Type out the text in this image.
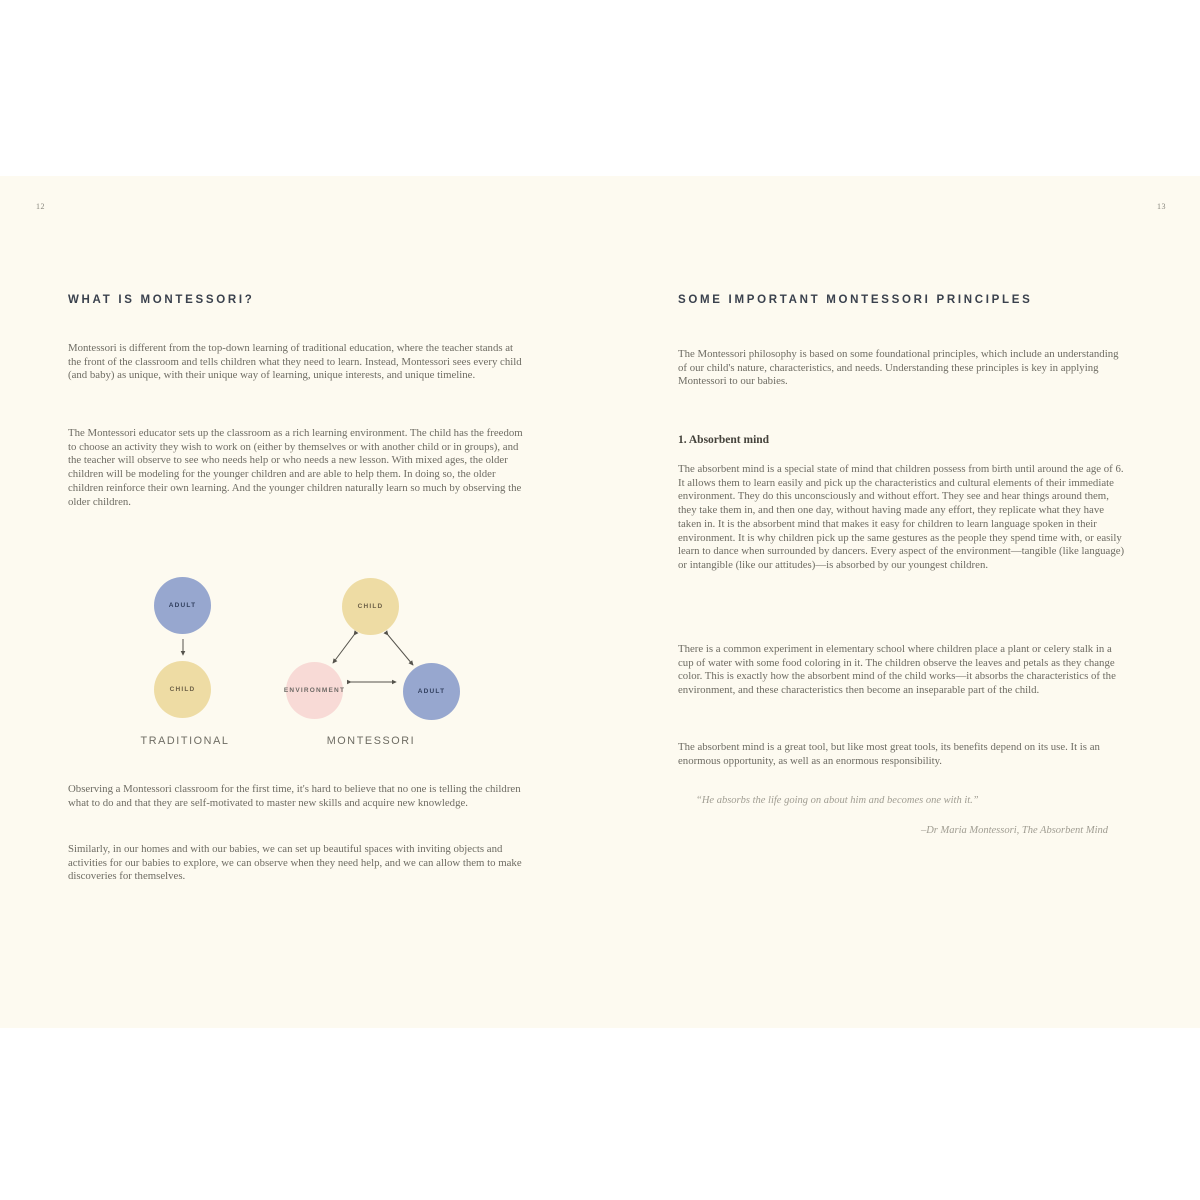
12	13
WHAT IS MONTESSORI?

Montessori is different from the top-down learning of traditional education, where the teacher stands at the front of the classroom and tells children what they need to learn. Instead, Montessori sees every child (and baby) as unique, with their unique way of learning, unique interests, and unique timeline.

The Montessori educator sets up the classroom as a rich learning environment. The child has the freedom to choose an activity they wish to work on (either by themselves or with another child or in groups), and the teacher will observe to see who needs help or who needs a new lesson. With mixed ages, the older children will be modeling for the younger children and are able to help them. In doing so, the older children reinforce their own learning. And the younger children naturally learn so much by observing the older children.

ADULT
CHILD

TRADITIONAL

CHILD
ENVIRONMENT	ADULT

MONTESSORI

Observing a Montessori classroom for the first time, it's hard to believe that no one is telling the children what to do and that they are self-motivated to master new skills and acquire new knowledge.

Similarly, in our homes and with our babies, we can set up beautiful spaces with inviting objects and activities for our babies to explore, we can observe when they need help, and we can allow them to make discoveries for themselves.

SOME IMPORTANT MONTESSORI PRINCIPLES

The Montessori philosophy is based on some foundational principles, which include an understanding of our child's nature, characteristics, and needs. Understanding these principles is key in applying Montessori to our babies.

1. Absorbent mind

The absorbent mind is a special state of mind that children possess from birth until around the age of 6. It allows them to learn easily and pick up the characteristics and cultural elements of their immediate environment. They do this unconsciously and without effort. They see and hear things around them, they take them in, and then one day, without having made any effort, they replicate what they have taken in. It is the absorbent mind that makes it easy for children to learn language spoken in their environment. It is why children pick up the same gestures as the people they spend time with, or easily learn to dance when surrounded by dancers. Every aspect of the environment—tangible (like language) or intangible (like our attitudes)—is absorbed by our youngest children.

There is a common experiment in elementary school where children place a plant or celery stalk in a cup of water with some food coloring in it. The children observe the leaves and petals as they change color. This is exactly how the absorbent mind of the child works—it absorbs the characteristics of the environment, and these characteristics then become an inseparable part of the child.

The absorbent mind is a great tool, but like most great tools, its benefits depend on its use. It is an enormous opportunity, as well as an enormous responsibility.

“He absorbs the life going on about him and becomes one with it.”

–Dr Maria Montessori, The Absorbent Mind
